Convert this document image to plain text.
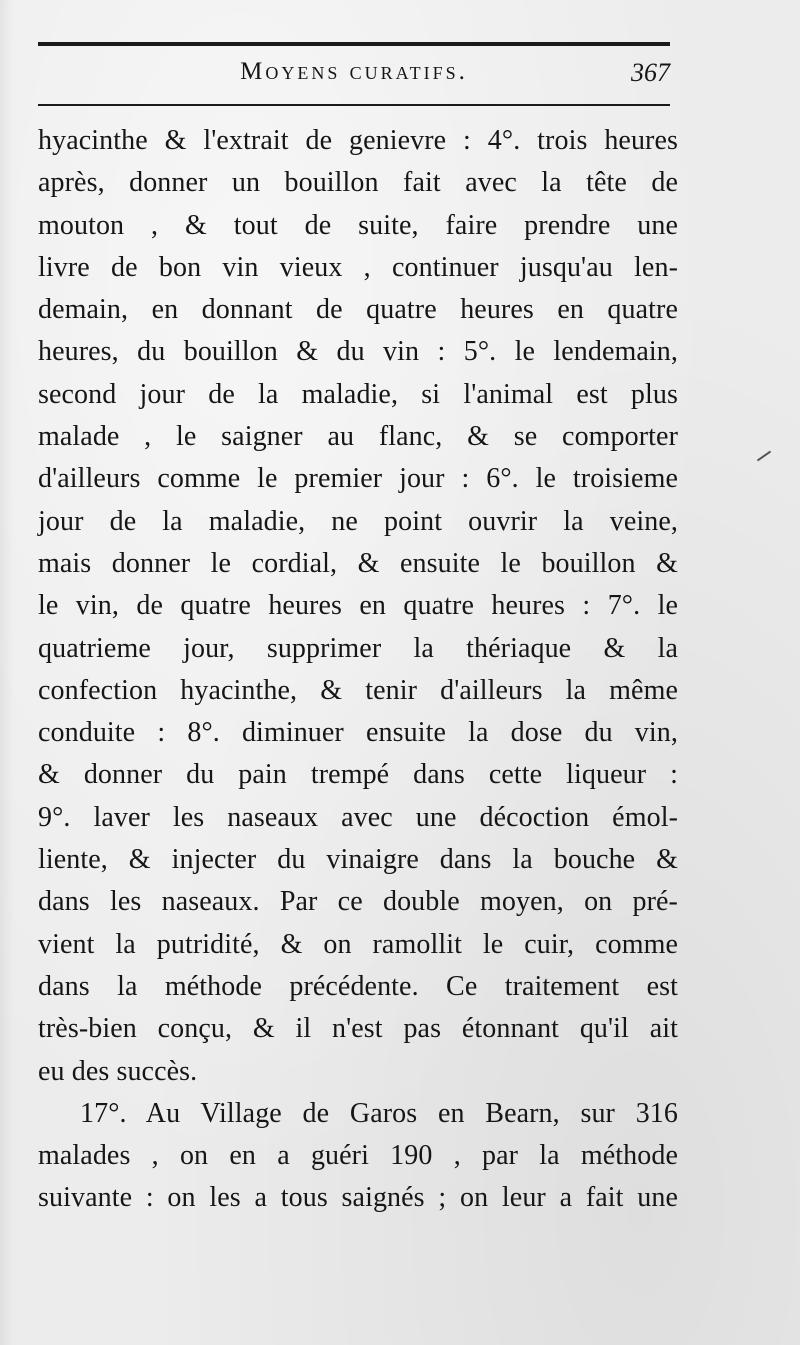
Moyens curatifs.	367
hyacinthe & l'extrait de genievre : 4°. trois heures
après, donner un bouillon fait avec la tête de
mouton , & tout de suite, faire prendre une
livre de bon vin vieux , continuer jusqu'au len-
demain, en donnant de quatre heures en quatre
heures, du bouillon & du vin : 5°. le lendemain,
second jour de la maladie, si l'animal est plus
malade , le saigner au flanc, & se comporter
d'ailleurs comme le premier jour : 6°. le troisieme
jour de la maladie, ne point ouvrir la veine,
mais donner le cordial, & ensuite le bouillon &
le vin, de quatre heures en quatre heures : 7°. le
quatrieme jour, supprimer la thériaque & la
confection hyacinthe, & tenir d'ailleurs la même
conduite : 8°. diminuer ensuite la dose du vin,
& donner du pain trempé dans cette liqueur :
9°. laver les naseaux avec une décoction émol-
liente, & injecter du vinaigre dans la bouche &
dans les naseaux. Par ce double moyen, on pré-
vient la putridité, & on ramollit le cuir, comme
dans la méthode précédente. Ce traitement est
très-bien conçu, & il n'est pas étonnant qu'il ait
eu des succès.
17°. Au Village de Garos en Bearn, sur 316
malades , on en a guéri 190 , par la méthode
suivante : on les a tous saignés ; on leur a fait une
